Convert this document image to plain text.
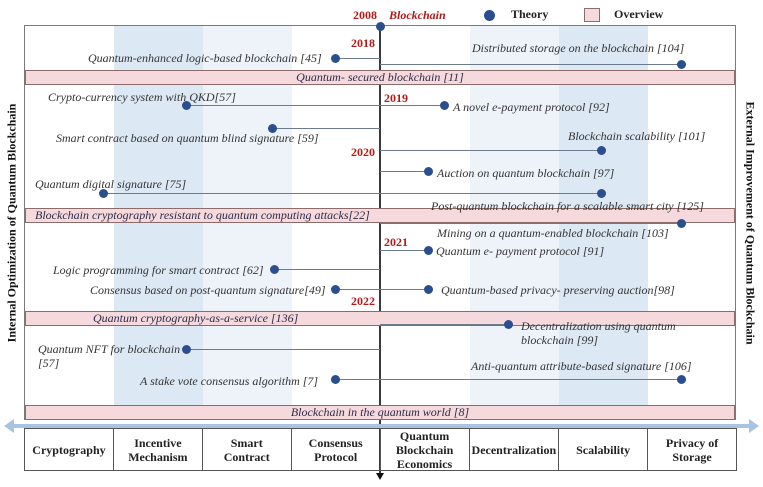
2008 Blockchain	Theory	Overview
2018
2019
2020
2021
2022
Quantum- secured blockchain [11]
Blockchain cryptography resistant to quantum computing attacks[22]
Quantum cryptography-as-a-service [136]
Blockchain in the quantum world [8]
Quantum-enhanced logic-based blockchain [45]
Crypto-currency system with QKD[57]
Smart contract based on quantum blind signature [59]
Quantum digital signature [75]
Logic programming for smart contract [62]
Consensus based on post-quantum signature[49]
Quantum NFT for blockchain
[57]
A stake vote consensus algorithm [7]
Distributed storage on the blockchain [104]
A novel e-payment protocol [92]
Blockchain scalability [101]
Auction on quantum blockchain [97]
Post-quantum blockchain for a scalable smart city [125]
Mining on a quantum-enabled blockchain [103]
Quantum e- payment protocol [91]
Quantum-based privacy- preserving auction[98]
Decentralization using quantum
blockchain [99]
Anti-quantum attribute-based signature [106]
Internal Optimization of Quantum Blockchain	External Improvement of Quantum Blockchain
Cryptography	Incentive
Mechanism
Smart
Contract
Consensus
Protocol
Quantum
Blockchain
Economics
Decentralization Scalability	Privacy of
Storage
